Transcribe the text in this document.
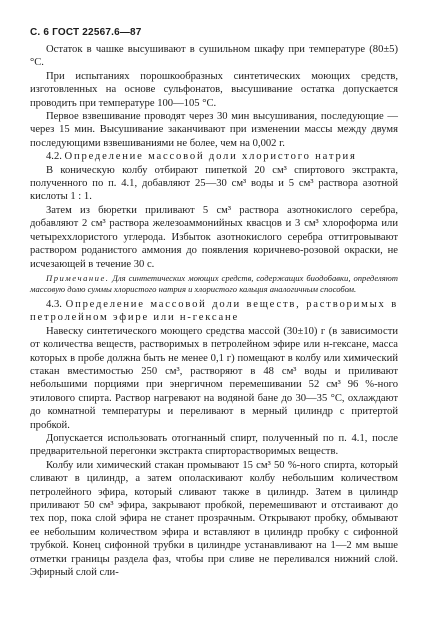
С. 6 ГОСТ 22567.6—87

Остаток в чашке высушивают в сушильном шкафу при температуре (80±5) °С.

При испытаниях порошкообразных синтетических моющих средств, изготовленных на основе сульфонатов, высушивание остатка допускается проводить при температуре 100—105 °С.

Первое взвешивание проводят через 30 мин высушивания, последующие — через 15 мин. Высушивание заканчивают при изменении массы между двумя последующими взвешиваниями не более, чем на 0,002 г.

4.2. Определение массовой доли хлористого натрия

В коническую колбу отбирают пипеткой 20 см³ спиртового экстракта, полученного по п. 4.1, добавляют 25—30 см³ воды и 5 см³ раствора азотной кислоты 1 : 1.

Затем из бюретки приливают 5 см³ раствора азотнокислого серебра, добавляют 2 см³ раствора железоаммонийных квасцов и 3 см³ хлороформа или четыреххлористого углерода. Избыток азотнокислого серебра оттитровывают раствором роданистого аммония до появления коричнево-розовой окраски, не исчезающей в течение 30 с.

Примечание. Для синтетических моющих средств, содержащих биодобавки, определяют массовую долю суммы хлористого натрия и хлористого кальция аналогичным способом.

4.3. Определение массовой доли веществ, растворимых в петролейном эфире или н-гексане

Навеску синтетического моющего средства массой (30±10) г (в зависимости от количества веществ, растворимых в петролейном эфире или н-гексане, масса которых в пробе должна быть не менее 0,1 г) помещают в колбу или химический стакан вместимостью 250 см³, растворяют в 48 см³ воды и приливают небольшими порциями при энергичном перемешивании 52 см³ 96 %-ного этилового спирта. Раствор нагревают на водяной бане до 30—35 °С, охлаждают до комнатной температуры и переливают в мерный цилиндр с притертой пробкой.

Допускается использовать отогнанный спирт, полученный по п. 4.1, после предварительной перегонки экстракта спирторастворимых веществ.

Колбу или химический стакан промывают 15 см³ 50 %-ного спирта, который сливают в цилиндр, а затем ополаскивают колбу небольшим количеством петролейного эфира, который сливают также в цилиндр. Затем в цилиндр приливают 50 см³ эфира, закрывают пробкой, перемешивают и отстаивают до тех пор, пока слой эфира не станет прозрачным. Открывают пробку, обмывают ее небольшим количеством эфира и вставляют в цилиндр пробку с сифонной трубкой. Конец сифонной трубки в цилиндре устанавливают на 1—2 мм выше отметки границы раздела фаз, чтобы при сливе не переливался нижний слой. Эфирный слой сли-
